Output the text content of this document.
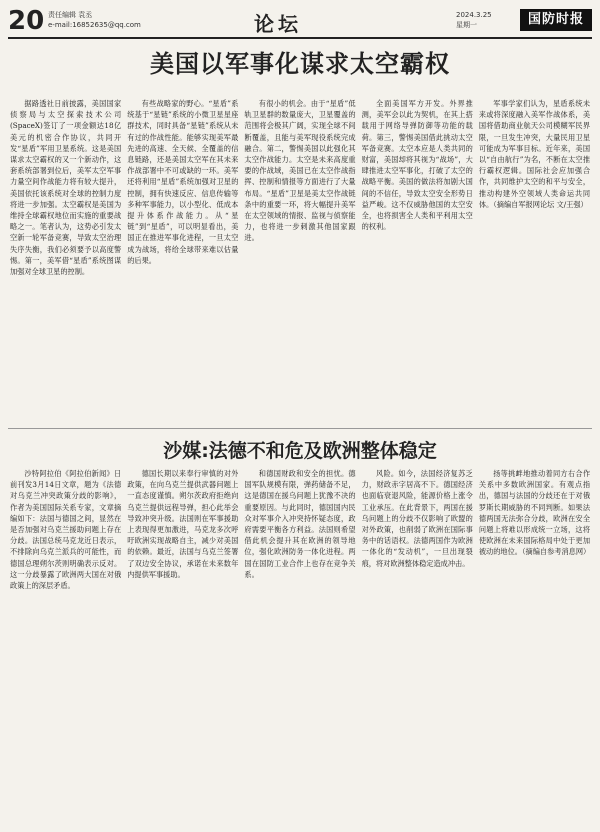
20 责任编辑 袁丞
e-mail:16852635@qq.com	论坛	2024.3.25
星期一	国防时报
美国以军事化谋求太空霸权

据路透社日前披露，美国国家侦察局与太空探索技术公司(SpaceX)签订了一项金额达18亿美元的机密合作协议，共同开发“星盾”军用卫星系统。这是美国谋求太空霸权的又一个新动作，这套系统部署到位后，美军太空军事力量空间作战能力将有较大提升，美国依托该系统对全球的控制力度将进一步加强。太空霸权是美国为维持全球霸权地位而实施的重要战略之一。笔者认为，这势必引发太空新一轮军备竞赛，导致太空治理失序失衡，我们必须要予以高度警惕。第一，美军借“星盾”系统图谋加强对全球卫星的控制。

有些战略家的野心。“星盾”系统基于“星链”系统的小微卫星星座群技术，同时具备“星链”系统从未有过的作战性能。能够实现美军最先进的高速、全天候、全覆盖的信息链路，还是美国太空军在其未来作战部署中不可或缺的一环。美军还将利用“星盾”系统加强对卫星的控制，拥有快速反应、信息传输等多种军事能力，以小型化、低成本提升体系作战能力。从“星链”到“星盾”，可以明显看出，美国正在推进军事化进程，一旦太空成为战场，将给全球带来难以估量的后果。

有很小的机会。由于“星盾”低轨卫星群的数量庞大，卫星覆盖的范围将会极其广阔，实现全球不间断覆盖，且能与美军现役系统完成融合。第二，警惕美国以此强化其太空作战能力。太空是未来高度重要的作战域，美国已在太空作战指挥、控制和情报等方面进行了大量布局。“星盾”卫星是美太空作战链条中的重要一环，将大幅提升美军在太空领域的情报、监视与侦察能力，也将进一步刺激其他国家跟进。

全面美国军方开发。外界推测，美军会以此为契机，在其上搭载用于网络导弹防御等功能的载荷。第三，警惕美国借此挑动太空军备竞赛。太空本应是人类共同的财富，美国却将其视为“战场”，大肆推进太空军事化，打破了太空的战略平衡。美国的做法将加剧大国间的不信任，导致太空安全形势日益严峻。这不仅威胁他国的太空安全，也将损害全人类和平利用太空的权利。

军事学家们认为，星盾系统未来或将深度融入美军作战体系，美国将借助商业航天公司模糊军民界限，一旦发生冲突，大量民用卫星可能成为军事目标。近年来，美国以“自由航行”为名，不断在太空推行霸权逻辑。国际社会应加强合作，共同维护太空的和平与安全，推动构建外空领域人类命运共同体。（摘编自军报网论坛 文/王强）

沙媒:法德不和危及欧洲整体稳定

沙特阿拉伯《阿拉伯新闻》日前刊发3月14日文章，题为《法德对乌克兰冲突政策分歧的影响》，作者为美国国际关系专家，文章摘编如下：法国与德国之间，显然在是否加强对乌克兰援助问题上存在分歧。法国总统马克龙近日表示，不排除向乌克兰派兵的可能性，而德国总理朔尔茨则明确表示反对。这一分歧暴露了欧洲两大国在对俄政策上的深层矛盾。

德国长期以来奉行审慎的对外政策，在向乌克兰提供武器问题上一直态度谨慎。朔尔茨政府拒绝向乌克兰提供远程导弹，担心此举会导致冲突升级。法国则在军事援助上表现得更加激进，马克龙多次呼吁欧洲实现战略自主，减少对美国的依赖。最近，法国与乌克兰签署了双边安全协议，承诺在未来数年内提供军事援助。

和德国财政和安全的担忧。德国军队规模有限，弹药储备不足，这是德国在援乌问题上犹豫不决的重要原因。与此同时，德国国内民众对军事介入冲突持怀疑态度，政府需要平衡各方利益。法国则希望借此机会提升其在欧洲的领导地位，强化欧洲防务一体化进程。两国在国防工业合作上也存在竞争关系。

风险。如今，法国经济复苏乏力，财政赤字居高不下。德国经济也面临衰退风险，能源价格上涨令工业承压。在此背景下，两国在援乌问题上的分歧不仅影响了欧盟的对外政策，也削弱了欧洲在国际事务中的话语权。法德两国作为欧洲一体化的“发动机”，一旦出现裂痕，将对欧洲整体稳定造成冲击。

扬等挑衅地推动着同方右合作关系中多数欧洲国家。有观点指出，德国与法国的分歧还在于对俄罗斯长期威胁的不同判断。如果法德两国无法弥合分歧，欧洲在安全问题上将难以形成统一立场，这将使欧洲在未来国际格局中处于更加被动的地位。（摘编自参考消息网）
